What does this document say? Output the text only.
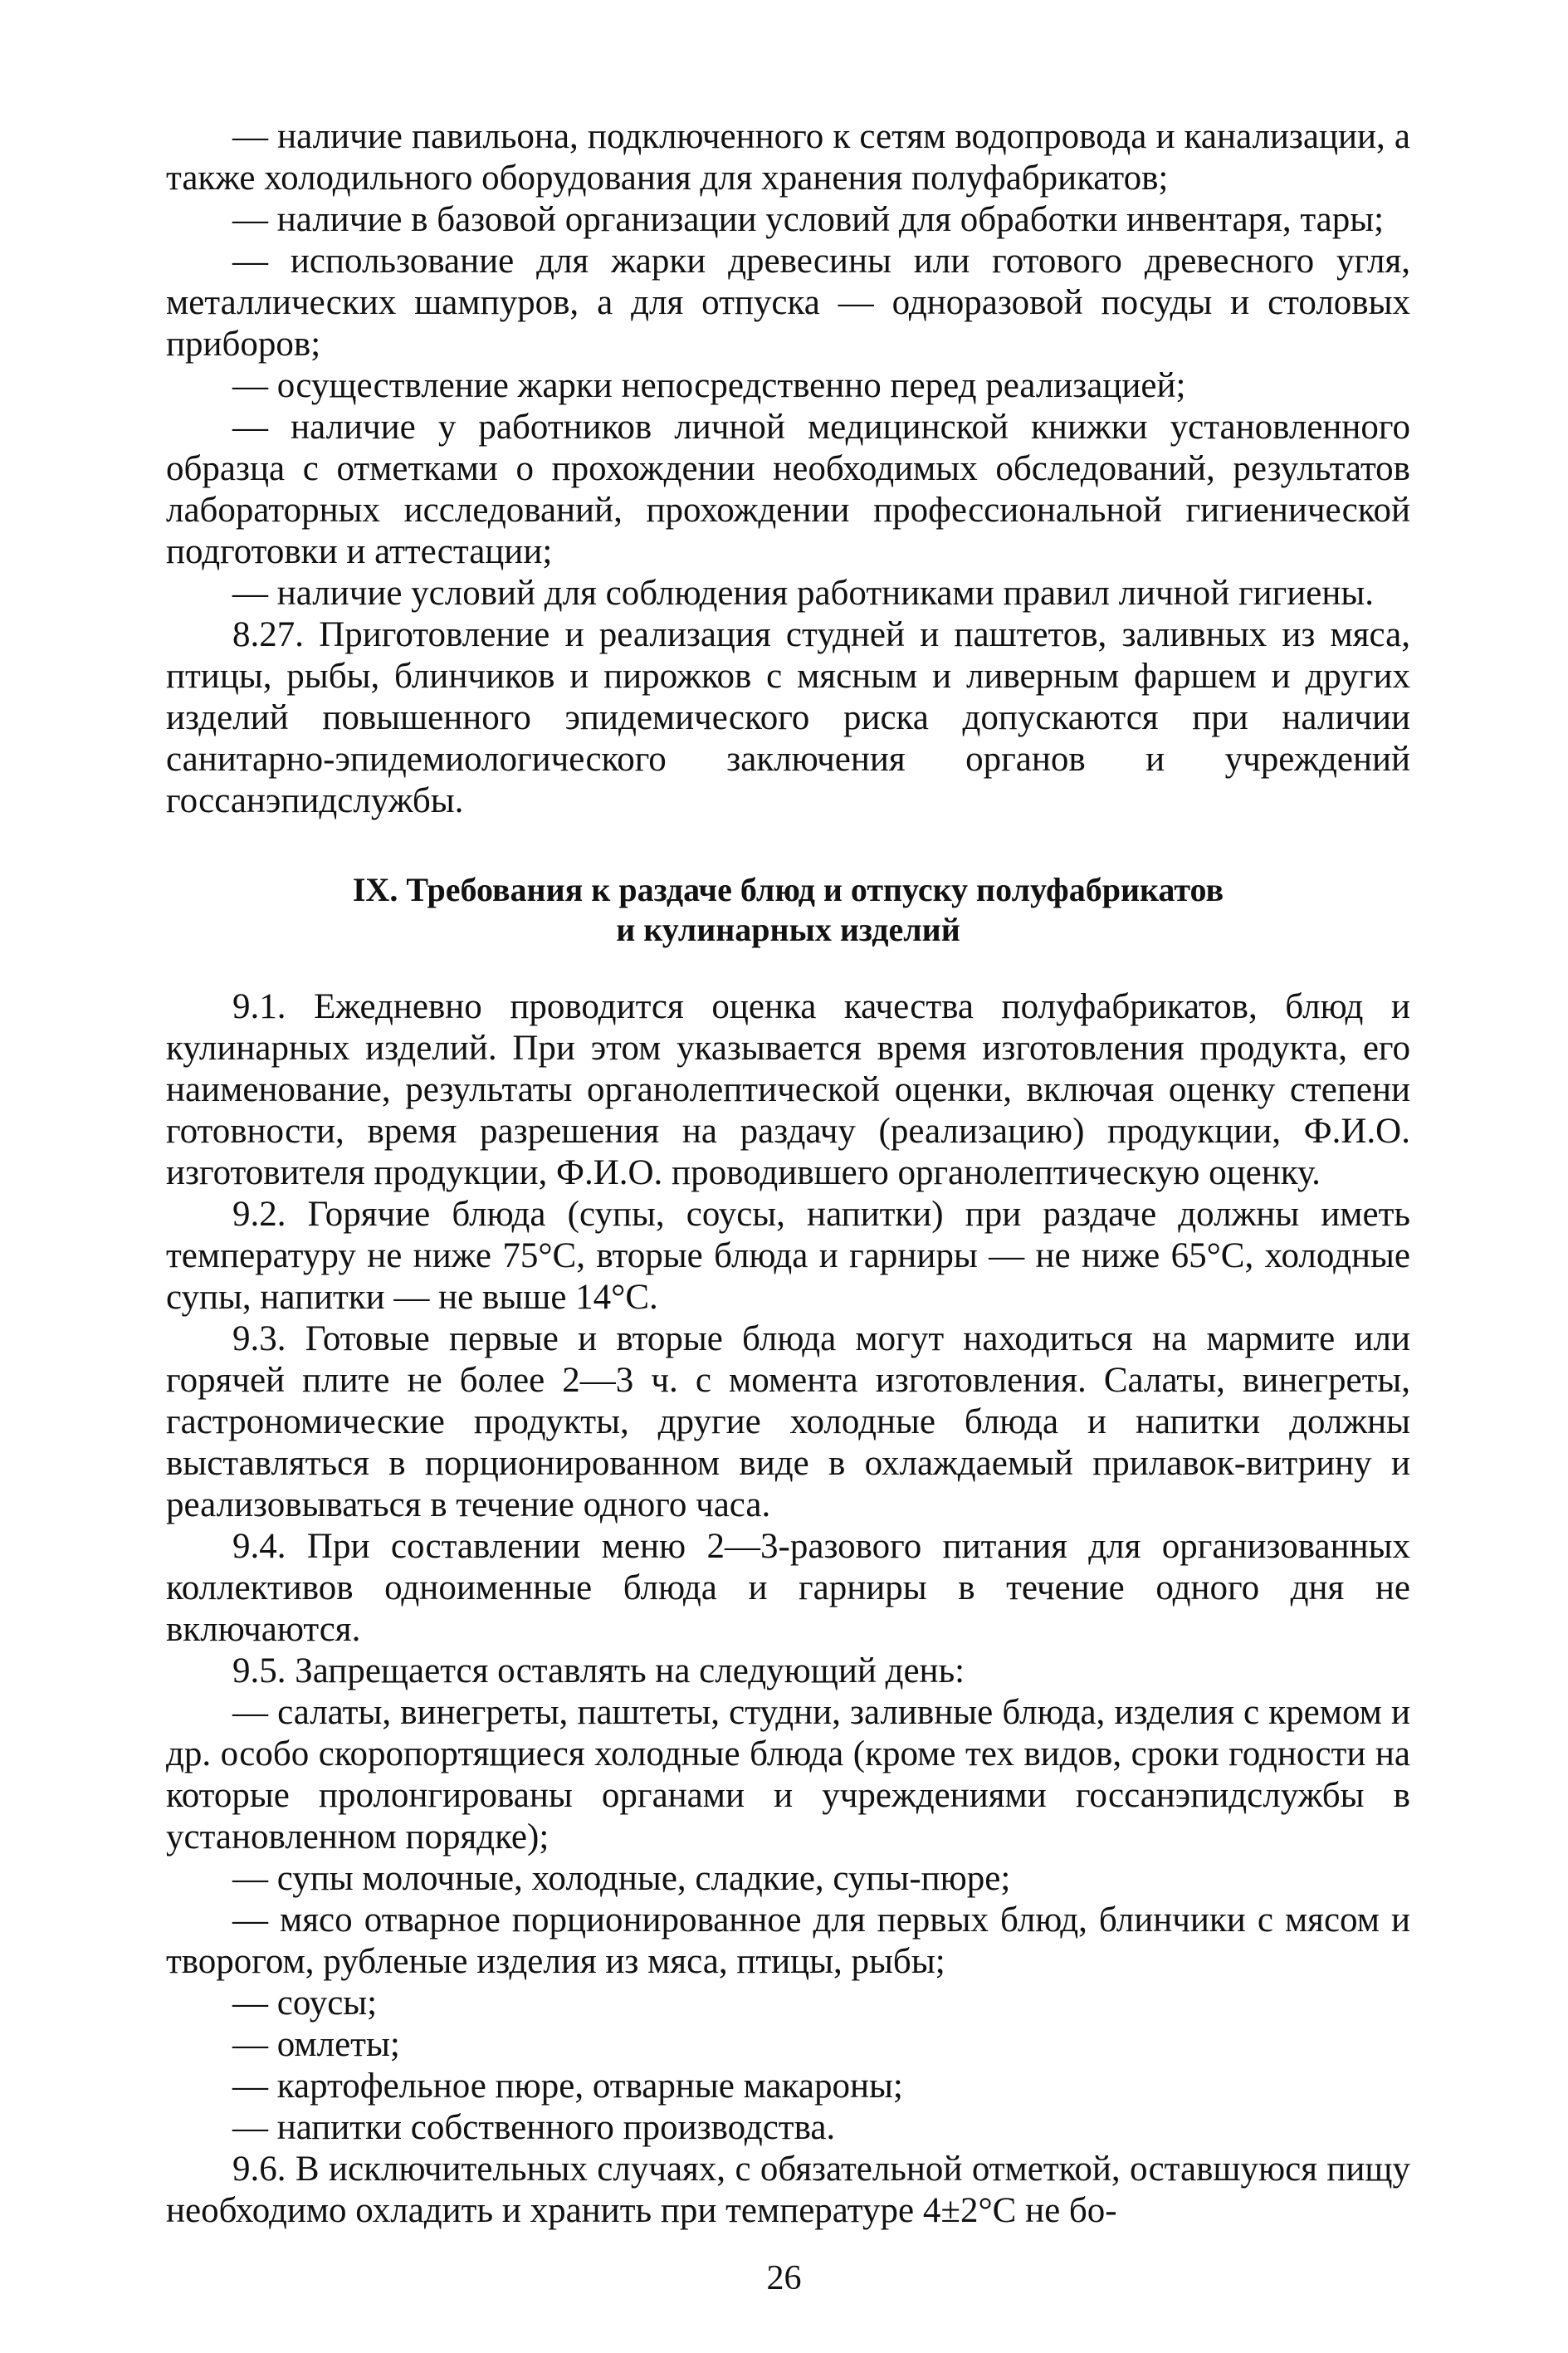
— наличие павильона, подключенного к сетям водопровода и канализации, а также холодильного оборудования для хранения полуфабрикатов;

— наличие в базовой организации условий для обработки инвентаря, тары;

— использование для жарки древесины или готового древесного угля, металлических шампуров, а для отпуска — одноразовой посуды и столовых приборов;

— осуществление жарки непосредственно перед реализацией;

— наличие у работников личной медицинской книжки установленного образца с отметками о прохождении необходимых обследований, результатов лабораторных исследований, прохождении профессиональной гигиенической подготовки и аттестации;

— наличие условий для соблюдения работниками правил личной гигиены.

8.27. Приготовление и реализация студней и паштетов, заливных из мяса, птицы, рыбы, блинчиков и пирожков с мясным и ливерным фаршем и других изделий повышенного эпидемического риска допускаются при наличии санитарно-эпидемиологического заключения органов и учреждений госсанэпидслужбы.

IX. Требования к раздаче блюд и отпуску полуфабрикатов
и кулинарных изделий

9.1. Ежедневно проводится оценка качества полуфабрикатов, блюд и кулинарных изделий. При этом указывается время изготовления продукта, его наименование, результаты органолептической оценки, включая оценку степени готовности, время разрешения на раздачу (реализацию) продукции, Ф.И.О. изготовителя продукции, Ф.И.О. проводившего органолептическую оценку.

9.2. Горячие блюда (супы, соусы, напитки) при раздаче должны иметь температуру не ниже 75°С, вторые блюда и гарниры — не ниже 65°С, холодные супы, напитки — не выше 14°С.

9.3. Готовые первые и вторые блюда могут находиться на мармите или горячей плите не более 2—3 ч. с момента изготовления. Салаты, винегреты, гастрономические продукты, другие холодные блюда и напитки должны выставляться в порционированном виде в охлаждаемый прилавок-витрину и реализовываться в течение одного часа.

9.4. При составлении меню 2—3-разового питания для организованных коллективов одноименные блюда и гарниры в течение одного дня не включаются.

9.5. Запрещается оставлять на следующий день:

— салаты, винегреты, паштеты, студни, заливные блюда, изделия с кремом и др. особо скоропортящиеся холодные блюда (кроме тех видов, сроки годности на которые пролонгированы органами и учреждениями госсанэпидслужбы в установленном порядке);

— супы молочные, холодные, сладкие, супы-пюре;

— мясо отварное порционированное для первых блюд, блинчики с мясом и творогом, рубленые изделия из мяса, птицы, рыбы;

— соусы;

— омлеты;

— картофельное пюре, отварные макароны;

— напитки собственного производства.

9.6. В исключительных случаях, с обязательной отметкой, оставшуюся пищу необходимо охладить и хранить при температуре 4±2°С не бо-

26
